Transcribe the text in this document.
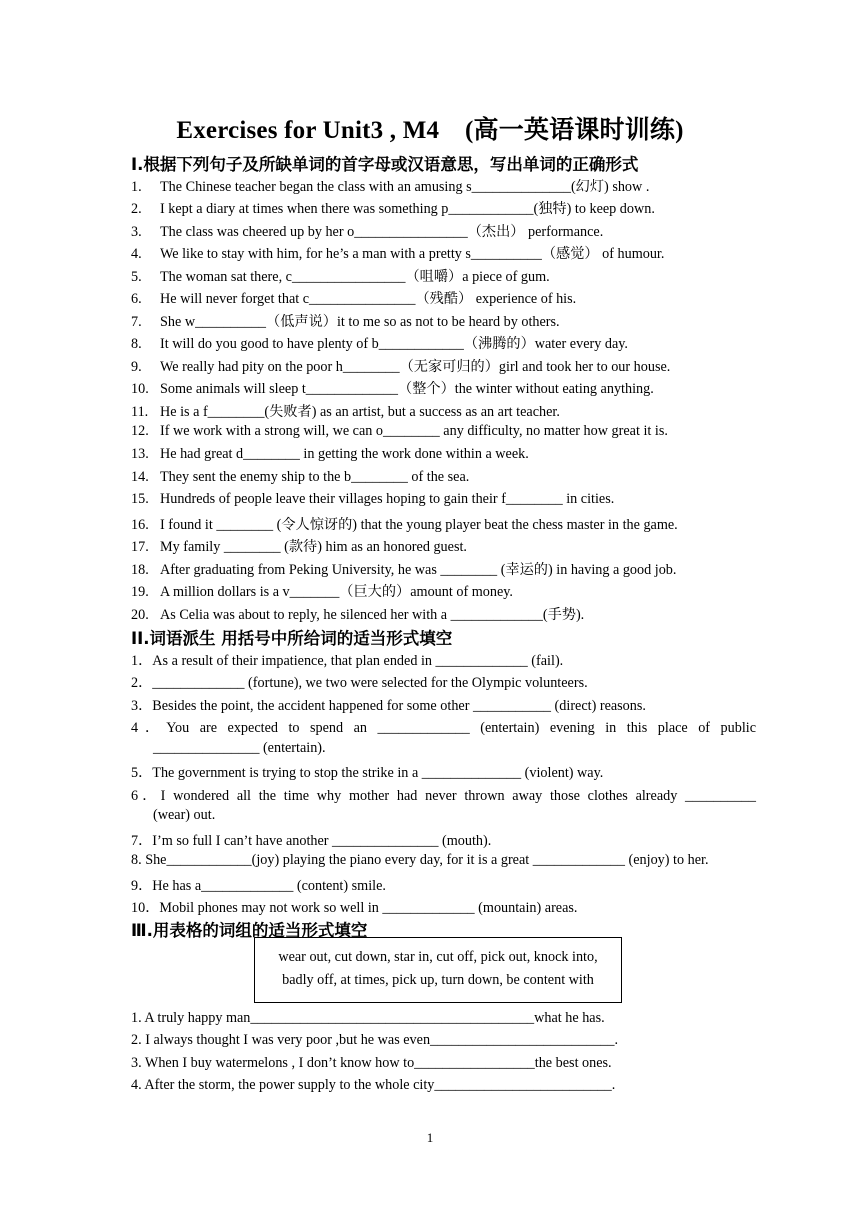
Exercises for Unit3 , M4    (高一英语课时训练)
I.根据下列句子及所缺单词的首字母或汉语意思，写出单词的正确形式
1. The Chinese teacher began the class with an amusing s______________(幻灯) show .
2. I kept a diary at times when there was something p____________(独特) to keep down.
3. The class was cheered up by her o________________（杰出） performance.
4. We like to stay with him, for he’s a man with a pretty s__________（感觉） of humour.
5. The woman sat there, c________________（咀嚼）a piece of gum.
6. He will never forget that c_______________（残酷） experience of his.
7. She w__________（低声说）it to me so as not to be heard by others.
8. It will do you good to have plenty of b____________（沸腾的）water every day.
9. We really had pity on the poor h________（无家可归的）girl and took her to our house.
10. Some animals will sleep t_____________（整个）the winter without eating anything.
11. He is a f________(失败者) as an artist, but a success as an art teacher.
12. If we work with a strong will, we can o________ any difficulty, no matter how great it is.
13. He had great d________ in getting the work done within a week.
14. They sent the enemy ship to the b________ of the sea.
15. Hundreds of people leave their villages hoping to gain their f________ in cities.
16. I found it ________ (令人惊讶的) that the young player beat the chess master in the game.
17. My family ________ (款待) him as an honored guest.
18. After graduating from Peking University, he was ________ (幸运的) in having a good job.
19. A million dollars is a v_______（巨大的）amount of money.
20. As Celia was about to reply, he silenced her with a _____________(手势).
II.词语派生 用括号中所给词的适当形式填空
1．As a result of their impatience, that plan ended in _____________ (fail).
2．_____________ (fortune), we two were selected for the Olympic volunteers.
3．Besides the point, the accident happened for some other ___________ (direct) reasons.
4．You are expected to spend an _____________ (entertain) evening in this place of public
_______________ (entertain).
5．The government is trying to stop the strike in a ______________ (violent) way.
6．I wondered all the time why mother had never thrown away those clothes already __________
(wear) out.
7．I’m so full I can’t have another _______________ (mouth).
8. She____________(joy) playing the piano every day, for it is a great _____________ (enjoy) to her.
9．He has a_____________ (content) smile.
10．Mobil phones may not work so well in _____________ (mountain) areas.
Ⅲ.用表格的词组的适当形式填空
wear out, cut down, star in, cut off, pick out, knock into,
badly off, at times, pick up, turn down, be content with
1. A truly happy man________________________________________what he has.
2. I always thought I was very poor ,but he was even__________________________.
3. When I buy watermelons , I don’t know how to_________________the best ones.
4. After the storm, the power supply to the whole city_________________________.
1
